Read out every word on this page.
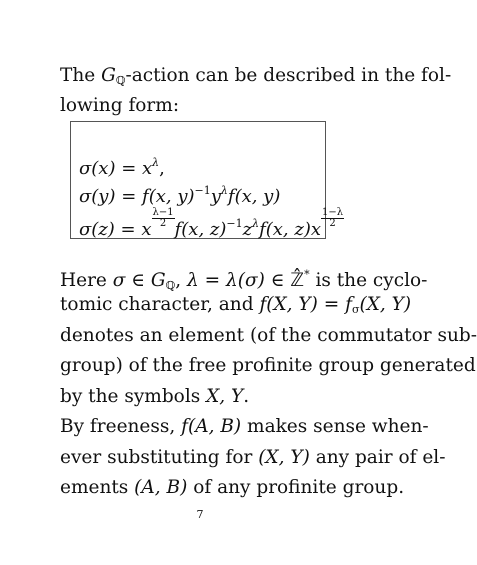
The $G_ℚ$-action can be described in the fol-
lowing form:
$\sigma(x) = x^\lambda$,
σ(y) = f(x, $y)^{-1}y^\lambda f(x$, y)
σ(z) = x
$\frac{\lambda-1}{2}$
f(x, $z)^{-1}z^\lambda f(x$, z)x
$\frac{1-\lambda}{2}$
Here σ ∈ $G_ℚ$, λ = λ(σ) ∈ ℤ̂* is the cyclo-
tomic character, and f(X, $Y) = f_\sigma(X$, Y)
denotes an element (of the commutator sub-
group) of the free profinite group generated
by the symbols X, Y.
By freeness, f(A, B) makes sense when-
ever substituting for (X, Y) any pair of el-
ements (A, B) of any profinite group.
7
